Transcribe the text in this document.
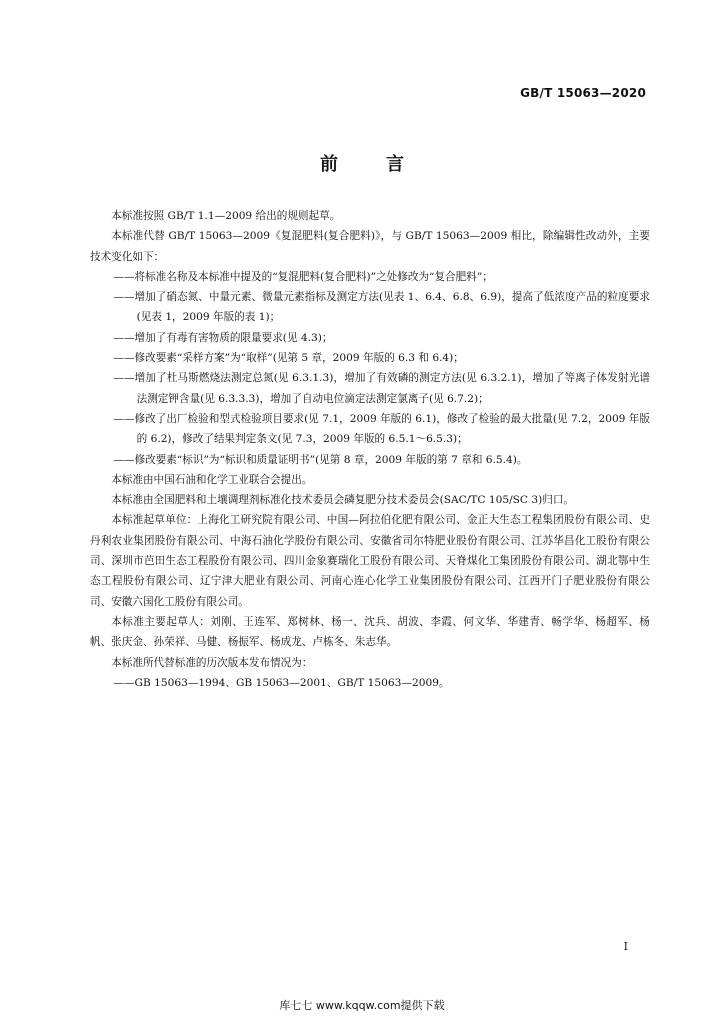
GB/T 15063—2020
前	言

本标准按照 GB/T 1.1—2009 给出的规则起草。

本标准代替 GB/T 15063—2009《复混肥料(复合肥料)》，与 GB/T 15063—2009 相比，除编辑性改动外，主要技术变化如下：

——将标准名称及本标准中提及的“复混肥料(复合肥料)”之处修改为“复合肥料”；

——增加了硝态氮、中量元素、微量元素指标及测定方法(见表 1、6.4、6.8、6.9)，提高了低浓度产品的粒度要求(见表 1，2009 年版的表 1)；

——增加了有毒有害物质的限量要求(见 4.3)；

——修改要素“采样方案”为“取样”(见第 5 章，2009 年版的 6.3 和 6.4)；

——增加了杜马斯燃烧法测定总氮(见 6.3.1.3)，增加了有效磷的测定方法(见 6.3.2.1)，增加了等离子体发射光谱法测定钾含量(见 6.3.3.3)，增加了自动电位滴定法测定氯离子(见 6.7.2)；

——修改了出厂检验和型式检验项目要求(见 7.1，2009 年版的 6.1)，修改了检验的最大批量(见 7.2，2009 年版的 6.2)，修改了结果判定条文(见 7.3，2009 年版的 6.5.1～6.5.3)；

——修改要素“标识”为“标识和质量证明书”(见第 8 章，2009 年版的第 7 章和 6.5.4)。

本标准由中国石油和化学工业联合会提出。

本标准由全国肥料和土壤调理剂标准化技术委员会磷复肥分技术委员会(SAC/TC 105/SC 3)归口。

本标准起草单位：上海化工研究院有限公司、中国—阿拉伯化肥有限公司、金正大生态工程集团股份有限公司、史丹利农业集团股份有限公司、中海石油化学股份有限公司、安徽省司尔特肥业股份有限公司、江苏华昌化工股份有限公司、深圳市芭田生态工程股份有限公司、四川金象赛瑞化工股份有限公司、天脊煤化工集团股份有限公司、湖北鄂中生态工程股份有限公司、辽宁津大肥业有限公司、河南心连心化学工业集团股份有限公司、江西开门子肥业股份有限公司、安徽六国化工股份有限公司。

本标准主要起草人：刘刚、王连军、郑树林、杨一、沈兵、胡波、李霞、何文华、华建青、畅学华、杨超军、杨帆、张庆金、孙荣祥、马健、杨振军、杨成龙、卢栋冬、朱志华。

本标准所代替标准的历次版本发布情况为：

——GB 15063—1994、GB 15063—2001、GB/T 15063—2009。

I
库七七 www.kqqw.com提供下载
